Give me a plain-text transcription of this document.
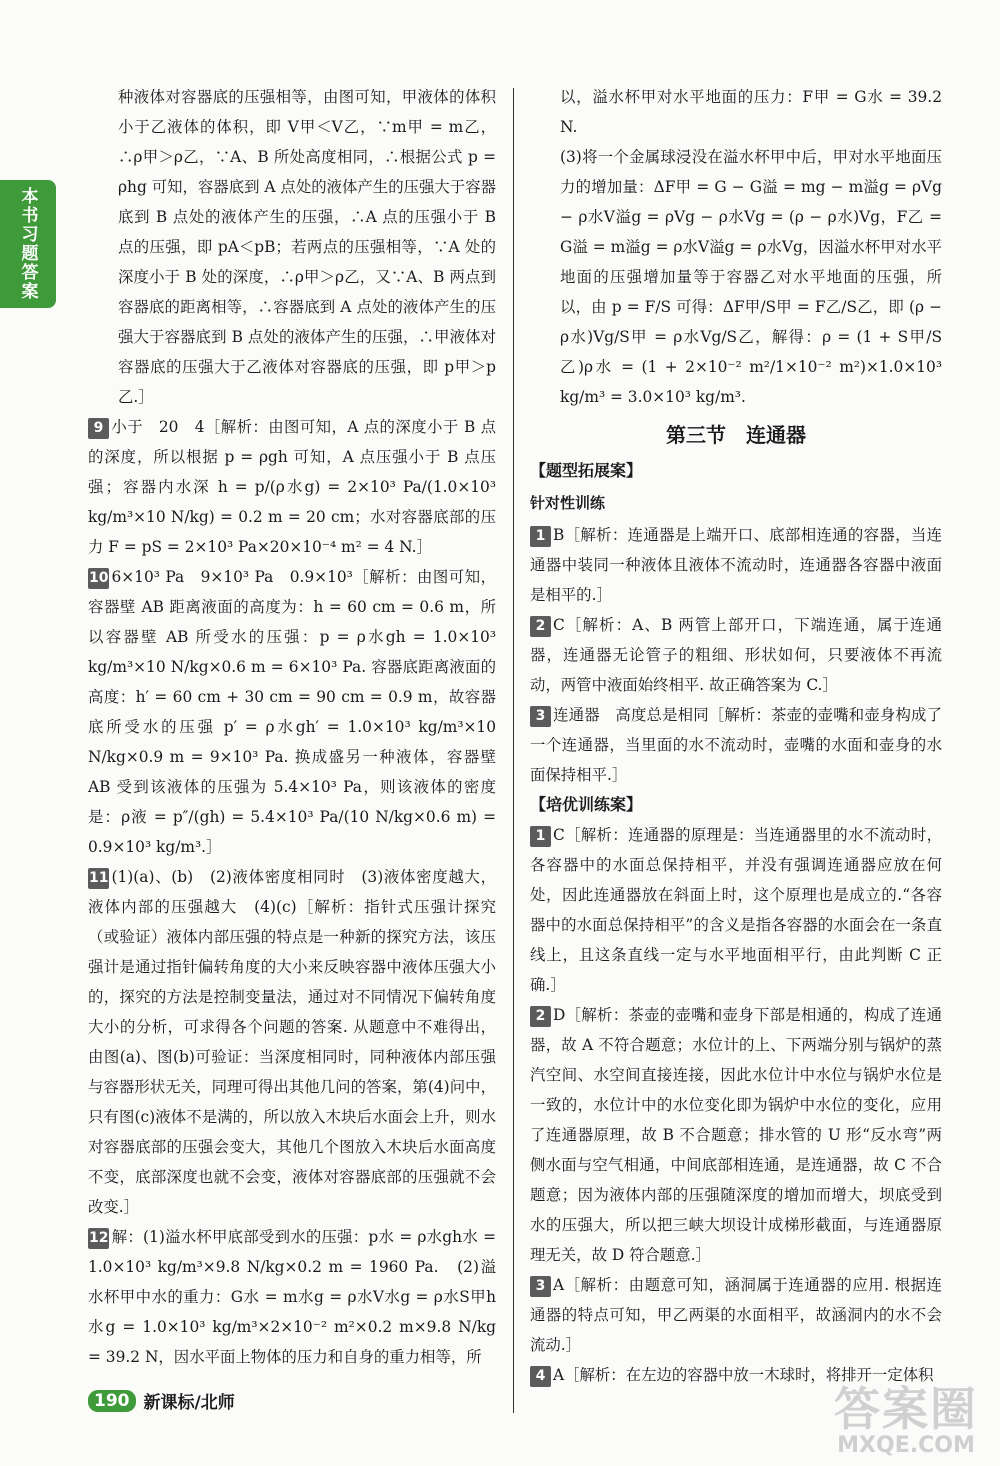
本书习题答案

种液体对容器底的压强相等，由图可知，甲液体的体积小于乙液体的体积，即 V甲＜V乙，∵m甲 = m乙，∴ρ甲＞ρ乙，∵A、B 所处高度相同，∴根据公式 p = ρhg 可知，容器底到 A 点处的液体产生的压强大于容器底到 B 点处的液体产生的压强，∴A 点的压强小于 B 点的压强，即 pA＜pB；若两点的压强相等，∵A 处的深度小于 B 处的深度，∴ρ甲＞ρ乙，又∵A、B 两点到容器底的距离相等，∴容器底到 A 点处的液体产生的压强大于容器底到 B 点处的液体产生的压强，∴甲液体对容器底的压强大于乙液体对容器底的压强，即 p甲＞p乙.］

9 小于　20　4［解析：由图可知，A 点的深度小于 B 点的深度，所以根据 p = ρgh 可知，A 点压强小于 B 点压强；容器内水深 h = p/(ρ水g) = 2×10³ Pa/(1.0×10³ kg/m³×10 N/kg) = 0.2 m = 20 cm；水对容器底部的压力 F = pS = 2×10³ Pa×20×10⁻⁴ m² = 4 N.］

10 6×10³ Pa　9×10³ Pa　0.9×10³［解析：由图可知，容器壁 AB 距离液面的高度为：h = 60 cm = 0.6 m，所以容器壁 AB 所受水的压强：p = ρ水gh = 1.0×10³ kg/m³×10 N/kg×0.6 m = 6×10³ Pa. 容器底距离液面的高度：h′ = 60 cm + 30 cm = 90 cm = 0.9 m，故容器底所受水的压强 p′ = ρ水gh′ = 1.0×10³ kg/m³×10 N/kg×0.9 m = 9×10³ Pa. 换成盛另一种液体，容器壁 AB 受到该液体的压强为 5.4×10³ Pa，则该液体的密度是：ρ液 = p″/(gh) = 5.4×10³ Pa/(10 N/kg×0.6 m) = 0.9×10³ kg/m³.］

11 (1)(a)、(b)　(2)液体密度相同时　(3)液体密度越大，液体内部的压强越大　(4)(c)［解析：指针式压强计探究（或验证）液体内部压强的特点是一种新的探究方法，该压强计是通过指针偏转角度的大小来反映容器中液体压强大小的，探究的方法是控制变量法，通过对不同情况下偏转角度大小的分析，可求得各个问题的答案. 从题意中不难得出，由图(a)、图(b)可验证：当深度相同时，同种液体内部压强与容器形状无关，同理可得出其他几问的答案，第(4)问中，只有图(c)液体不是满的，所以放入木块后水面会上升，则水对容器底部的压强会变大，其他几个图放入木块后水面高度不变，底部深度也就不会变，液体对容器底部的压强就不会改变.］

12 解：(1)溢水杯甲底部受到水的压强：p水 = ρ水gh水 = 1.0×10³ kg/m³×9.8 N/kg×0.2 m = 1960 Pa.　(2)溢水杯甲中水的重力：G水 = m水g = ρ水V水g = ρ水S甲h水g = 1.0×10³ kg/m³×2×10⁻² m²×0.2 m×9.8 N/kg = 39.2 N，因水平面上物体的压力和自身的重力相等，所

以，溢水杯甲对水平地面的压力：F甲 = G水 = 39.2 N.

(3)将一个金属球浸没在溢水杯甲中后，甲对水平地面压力的增加量：ΔF甲 = G − G溢 = mg − m溢g = ρVg − ρ水V溢g = ρVg − ρ水Vg = (ρ − ρ水)Vg，F乙 = G溢 = m溢g = ρ水V溢g = ρ水Vg，因溢水杯甲对水平地面的压强增加量等于容器乙对水平地面的压强，所以，由 p = F/S 可得：ΔF甲/S甲 = F乙/S乙，即 (ρ − ρ水)Vg/S甲 = ρ水Vg/S乙，解得：ρ = (1 + S甲/S乙)ρ水 = (1 + 2×10⁻² m²/1×10⁻² m²)×1.0×10³ kg/m³ = 3.0×10³ kg/m³.

第三节　连通器
【题型拓展案】
针对性训练

1 B［解析：连通器是上端开口、底部相连通的容器，当连通器中装同一种液体且液体不流动时，连通器各容器中液面是相平的.］

2 C［解析：A、B 两管上部开口，下端连通，属于连通器，连通器无论管子的粗细、形状如何，只要液体不再流动，两管中液面始终相平. 故正确答案为 C.］

3 连通器　高度总是相同［解析：茶壶的壶嘴和壶身构成了一个连通器，当里面的水不流动时，壶嘴的水面和壶身的水面保持相平.］

【培优训练案】

1 C［解析：连通器的原理是：当连通器里的水不流动时，各容器中的水面总保持相平，并没有强调连通器应放在何处，因此连通器放在斜面上时，这个原理也是成立的.“各容器中的水面总保持相平”的含义是指各容器的水面会在一条直线上，且这条直线一定与水平地面相平行，由此判断 C 正确.］

2 D［解析：茶壶的壶嘴和壶身下部是相通的，构成了连通器，故 A 不符合题意；水位计的上、下两端分别与锅炉的蒸汽空间、水空间直接连接，因此水位计中水位与锅炉水位是一致的，水位计中的水位变化即为锅炉中水位的变化，应用了连通器原理，故 B 不合题意；排水管的 U 形“反水弯”两侧水面与空气相通，中间底部相连通，是连通器，故 C 不合题意；因为液体内部的压强随深度的增加而增大，坝底受到水的压强大，所以把三峡大坝设计成梯形截面，与连通器原理无关，故 D 符合题意.］

3 A［解析：由题意可知，涵洞属于连通器的应用. 根据连通器的特点可知，甲乙两渠的水面相平，故涵洞内的水不会流动.］

4 A［解析：在左边的容器中放一木球时，将排开一定体积

190 新课标/北师	答案圈
MXQE.COM
